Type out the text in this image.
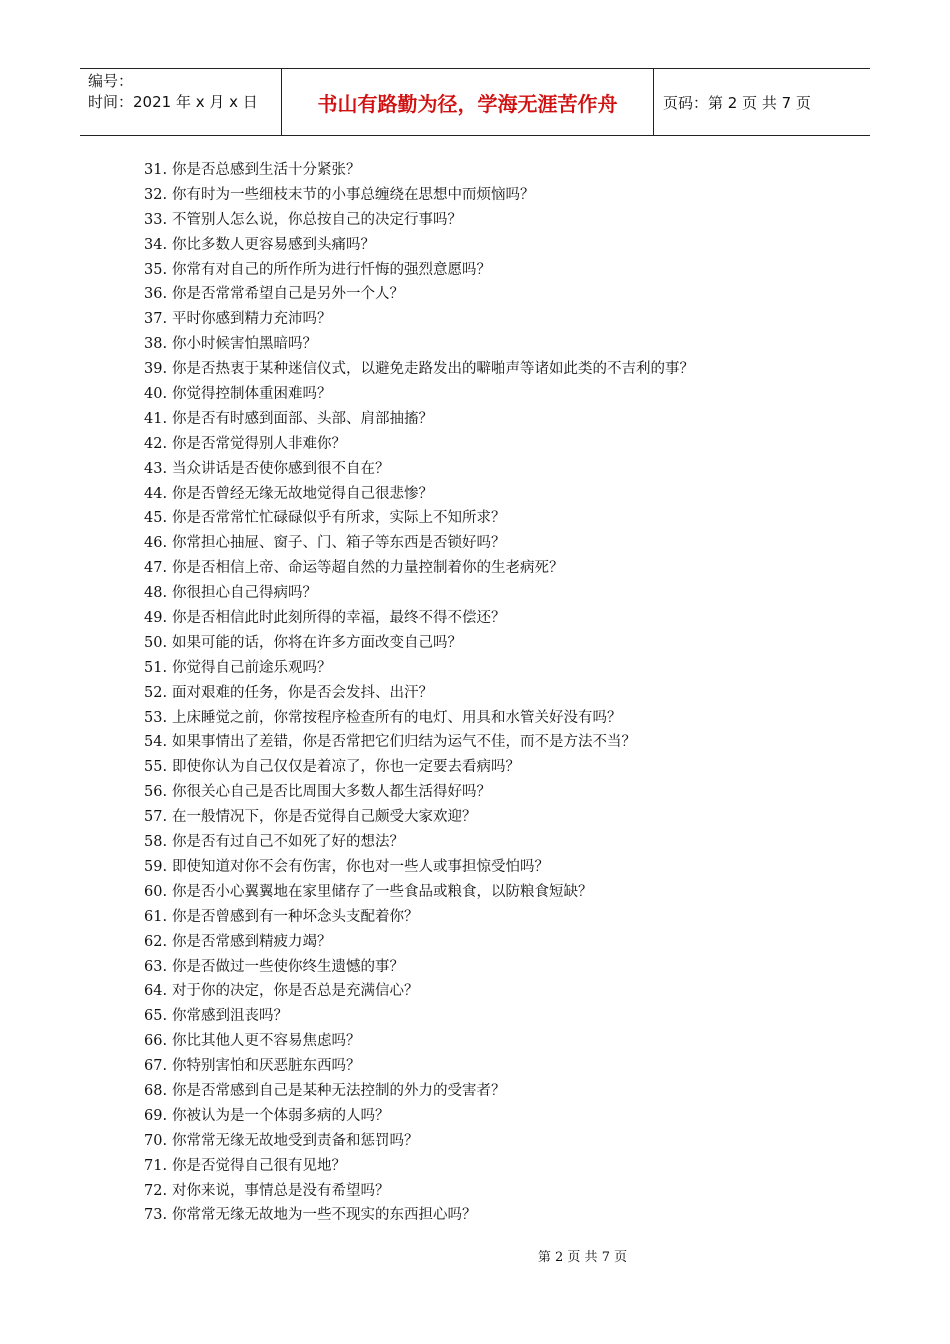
编号：
时间：2021 年 x 月 x 日	书山有路勤为径，学海无涯苦作舟	页码：第 2 页 共 7 页
31. 你是否总感到生活十分紧张？
32. 你有时为一些细枝末节的小事总缠绕在思想中而烦恼吗？
33. 不管别人怎么说，你总按自己的决定行事吗？
34. 你比多数人更容易感到头痛吗？
35. 你常有对自己的所作所为进行忏悔的强烈意愿吗？
36. 你是否常常希望自己是另外一个人？
37. 平时你感到精力充沛吗？
38. 你小时候害怕黑暗吗？
39. 你是否热衷于某种迷信仪式，以避免走路发出的噼啪声等诸如此类的不吉利的事？
40. 你觉得控制体重困难吗？
41. 你是否有时感到面部、头部、肩部抽搐？
42. 你是否常觉得别人非难你？
43. 当众讲话是否使你感到很不自在？
44. 你是否曾经无缘无故地觉得自己很悲惨？
45. 你是否常常忙忙碌碌似乎有所求，实际上不知所求？
46. 你常担心抽屉、窗子、门、箱子等东西是否锁好吗？
47. 你是否相信上帝、命运等超自然的力量控制着你的生老病死？
48. 你很担心自己得病吗？
49. 你是否相信此时此刻所得的幸福，最终不得不偿还？
50. 如果可能的话，你将在许多方面改变自己吗？
51. 你觉得自己前途乐观吗？
52. 面对艰难的任务，你是否会发抖、出汗？
53. 上床睡觉之前，你常按程序检查所有的电灯、用具和水管关好没有吗？
54. 如果事情出了差错，你是否常把它们归结为运气不佳，而不是方法不当？
55. 即使你认为自己仅仅是着凉了，你也一定要去看病吗？
56. 你很关心自己是否比周围大多数人都生活得好吗？
57. 在一般情况下，你是否觉得自己颇受大家欢迎？
58. 你是否有过自己不如死了好的想法？
59. 即使知道对你不会有伤害，你也对一些人或事担惊受怕吗？
60. 你是否小心翼翼地在家里储存了一些食品或粮食，以防粮食短缺？
61. 你是否曾感到有一种坏念头支配着你？
62. 你是否常感到精疲力竭？
63. 你是否做过一些使你终生遗憾的事？
64. 对于你的决定，你是否总是充满信心？
65. 你常感到沮丧吗？
66. 你比其他人更不容易焦虑吗？
67. 你特别害怕和厌恶脏东西吗？
68. 你是否常感到自己是某种无法控制的外力的受害者？
69. 你被认为是一个体弱多病的人吗？
70. 你常常无缘无故地受到责备和惩罚吗？
71. 你是否觉得自己很有见地？
72. 对你来说，事情总是没有希望吗？
73. 你常常无缘无故地为一些不现实的东西担心吗？
第 2 页 共 7 页
